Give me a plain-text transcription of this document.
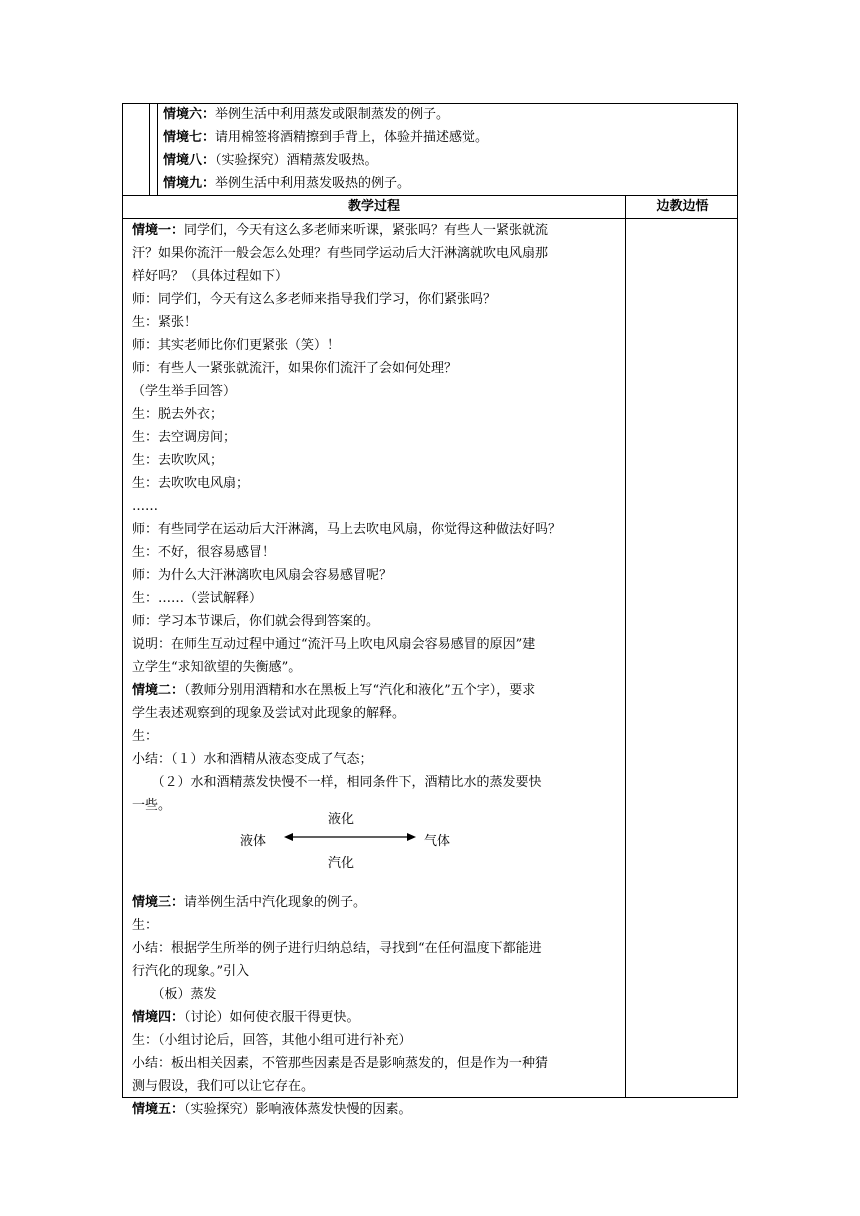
情境六：举例生活中利用蒸发或限制蒸发的例子。
情境七：请用棉签将酒精擦到手背上，体验并描述感觉。
情境八：（实验探究）酒精蒸发吸热。
情境九：举例生活中利用蒸发吸热的例子。
教学过程	边教边悟
情境一：同学们，今天有这么多老师来听课，紧张吗？有些人一紧张就流
汗？如果你流汗一般会怎么处理？有些同学运动后大汗淋漓就吹电风扇那
样好吗？（具体过程如下）
师：同学们，今天有这么多老师来指导我们学习，你们紧张吗？
生：紧张！
师：其实老师比你们更紧张（笑）！
师：有些人一紧张就流汗，如果你们流汗了会如何处理？
（学生举手回答）
生：脱去外衣；
生：去空调房间；
生：去吹吹风；
生：去吹吹电风扇；
……
师：有些同学在运动后大汗淋漓，马上去吹电风扇，你觉得这种做法好吗？
生：不好，很容易感冒！
师：为什么大汗淋漓吹电风扇会容易感冒呢？
生：……（尝试解释）
师：学习本节课后，你们就会得到答案的。
说明：在师生互动过程中通过“流汗马上吹电风扇会容易感冒的原因”建
立学生“求知欲望的失衡感”。
情境二：（教师分别用酒精和水在黑板上写“汽化和液化”五个字），要求
学生表述观察到的现象及尝试对此现象的解释。
生：
小结：（１）水和酒精从液态变成了气态；
　　（２）水和酒精蒸发快慢不一样，相同条件下，酒精比水的蒸发要快
一些。
情境三：请举例生活中汽化现象的例子。
生：
小结：根据学生所举的例子进行归纳总结，寻找到“在任何温度下都能进
行汽化的现象。”引入
　　（板）蒸发
情境四：（讨论）如何使衣服干得更快。
生：（小组讨论后，回答，其他小组可进行补充）
小结：板出相关因素，不管那些因素是否是影响蒸发的，但是作为一种猜
测与假设，我们可以让它存在。
情境五：（实验探究）影响液体蒸发快慢的因素。
液化
液体	气体
汽化
